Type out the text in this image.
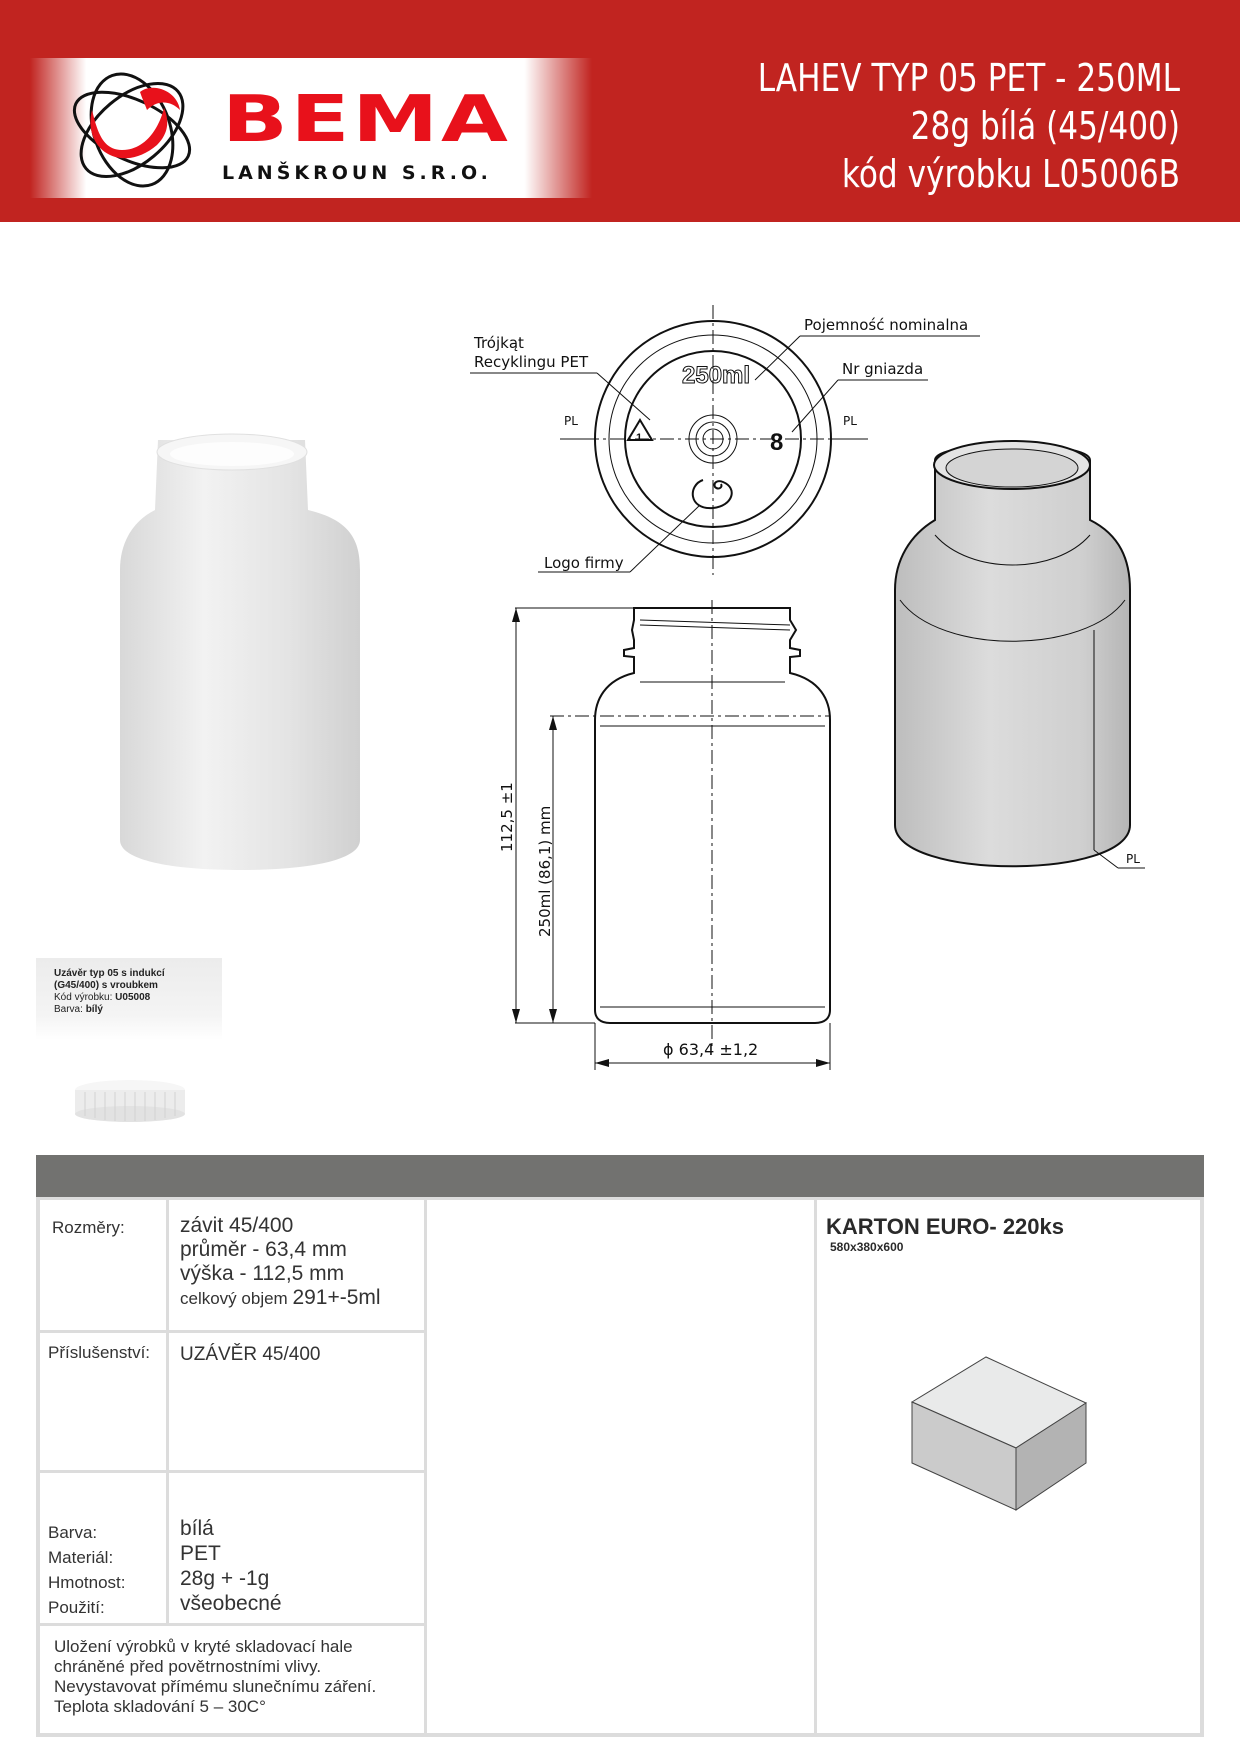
BEMA
LANŠKROUN S.R.O.
LAHEV TYP 05 PET - 250ML
28g bílá (45/400)
kód výrobku L05006B
250ml
8
1
Trójkąt
Recyklingu PET
Pojemność nominalna
Nr gniazda
Logo firmy
PL	PL
112,5 ±1 250ml (86,1) mm
ϕ 63,4 ±1,2
PL
Uzávěr typ 05 s indukcí
(G45/400) s vroubkem
Kód výrobku: U05008
Barva: bílý
Rozměry:	závit 45/400
průměr - 63,4 mm
výška - 112,5 mm
celkový objem 291+-5ml
Příslušenství: UZÁVĚR 45/400
Barva:
Materiál:
Hmotnost:
Použití:
bílá
PET
28g + -1g
všeobecné
Uložení výrobků v kryté skladovací hale
chráněné před povětrnostními vlivy.
Nevystavovat přímému slunečnímu záření.
Teplota skladování 5 – 30C°
KARTON EURO- 220ks
580x380x600
